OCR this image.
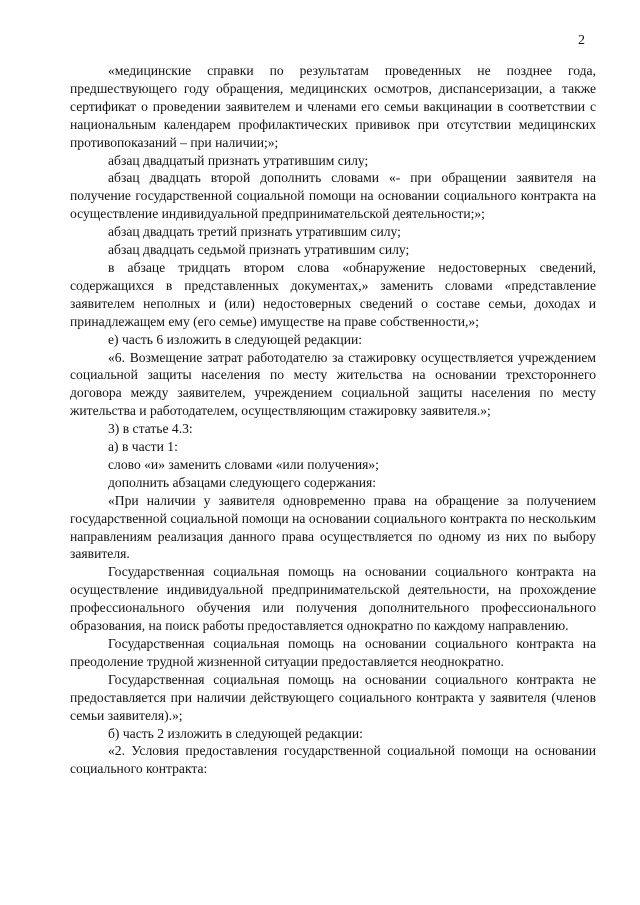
2

«медицинские справки по результатам проведенных не позднее года, предшествующего году обращения, медицинских осмотров, диспансеризации, а также сертификат о проведении заявителем и членами его семьи вакцинации в соответствии с национальным календарем профилактических прививок при отсутствии медицинских противопоказаний – при наличии;»;

абзац двадцатый признать утратившим силу;

абзац двадцать второй дополнить словами «- при обращении заявителя на получение государственной социальной помощи на основании социального контракта на осуществление индивидуальной предпринимательской деятельности;»;

абзац двадцать третий признать утратившим силу;

абзац двадцать седьмой признать утратившим силу;

в абзаце тридцать втором слова «обнаружение недостоверных сведений, содержащихся в представленных документах,» заменить словами «представление заявителем неполных и (или) недостоверных сведений о составе семьи, доходах и принадлежащем ему (его семье) имуществе на праве собственности,»;

е) часть 6 изложить в следующей редакции:

«6. Возмещение затрат работодателю за стажировку осуществляется учреждением социальной защиты населения по месту жительства на основании трехстороннего договора между заявителем, учреждением социальной защиты населения по месту жительства и работодателем, осуществляющим стажировку заявителя.»;

3) в статье 4.3:

а) в части 1:

слово «и» заменить словами «или получения»;

дополнить абзацами следующего содержания:

«При наличии у заявителя одновременно права на обращение за получением государственной социальной помощи на основании социального контракта по нескольким направлениям реализация данного права осуществляется по одному из них по выбору заявителя.

Государственная социальная помощь на основании социального контракта на осуществление индивидуальной предпринимательской деятельности, на прохождение профессионального обучения или получения дополнительного профессионального образования, на поиск работы предоставляется однократно по каждому направлению.

Государственная социальная помощь на основании социального контракта на преодоление трудной жизненной ситуации предоставляется неоднократно.

Государственная социальная помощь на основании социального контракта не предоставляется при наличии действующего социального контракта у заявителя (членов семьи заявителя).»;

б) часть 2 изложить в следующей редакции:

«2. Условия предоставления государственной социальной помощи на основании социального контракта:
